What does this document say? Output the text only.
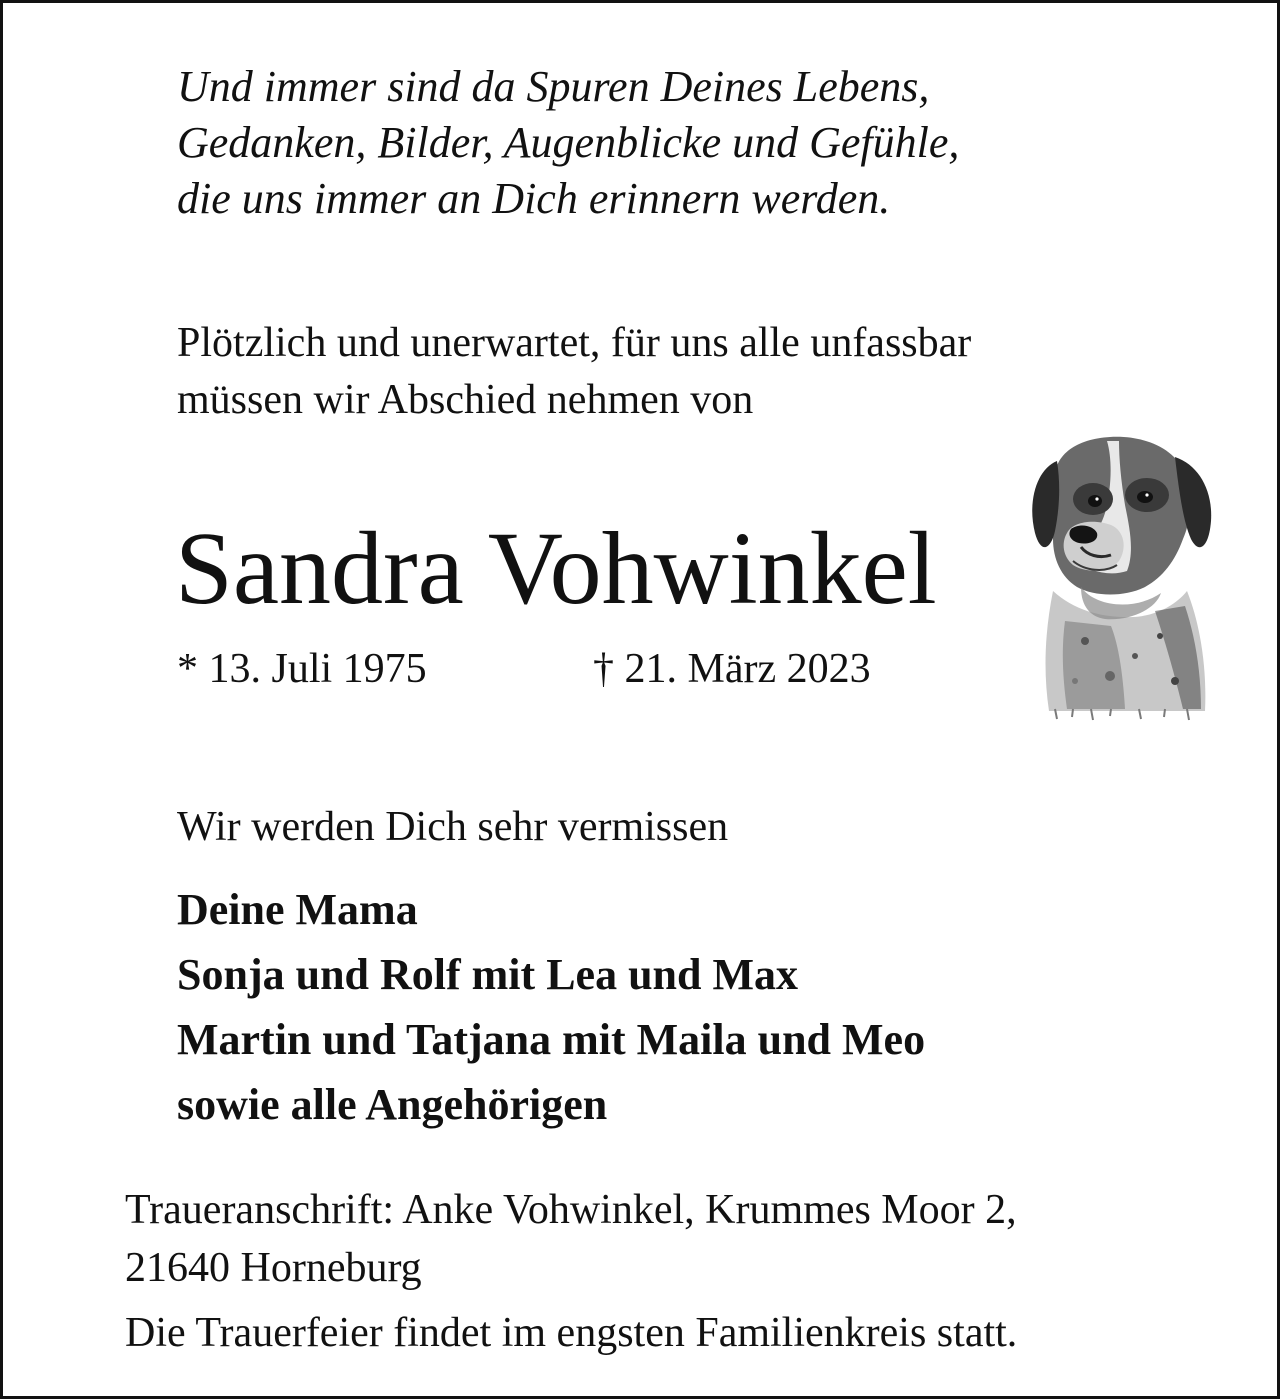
Und immer sind da Spuren Deines Lebens,
Gedanken, Bilder, Augenblicke und Gefühle,
die uns immer an Dich erinnern werden.
Plötzlich und unerwartet, für uns alle unfassbar
müssen wir Abschied nehmen von
Sandra Vohwinkel
* 13. Juli 1975	† 21. März 2023
Wir werden Dich sehr vermissen
Deine Mama
Sonja und Rolf mit Lea und Max
Martin und Tatjana mit Maila und Meo
sowie alle Angehörigen
Traueranschrift: Anke Vohwinkel, Krummes Moor 2,
21640 Horneburg
Die Trauerfeier findet im engsten Familienkreis statt.
